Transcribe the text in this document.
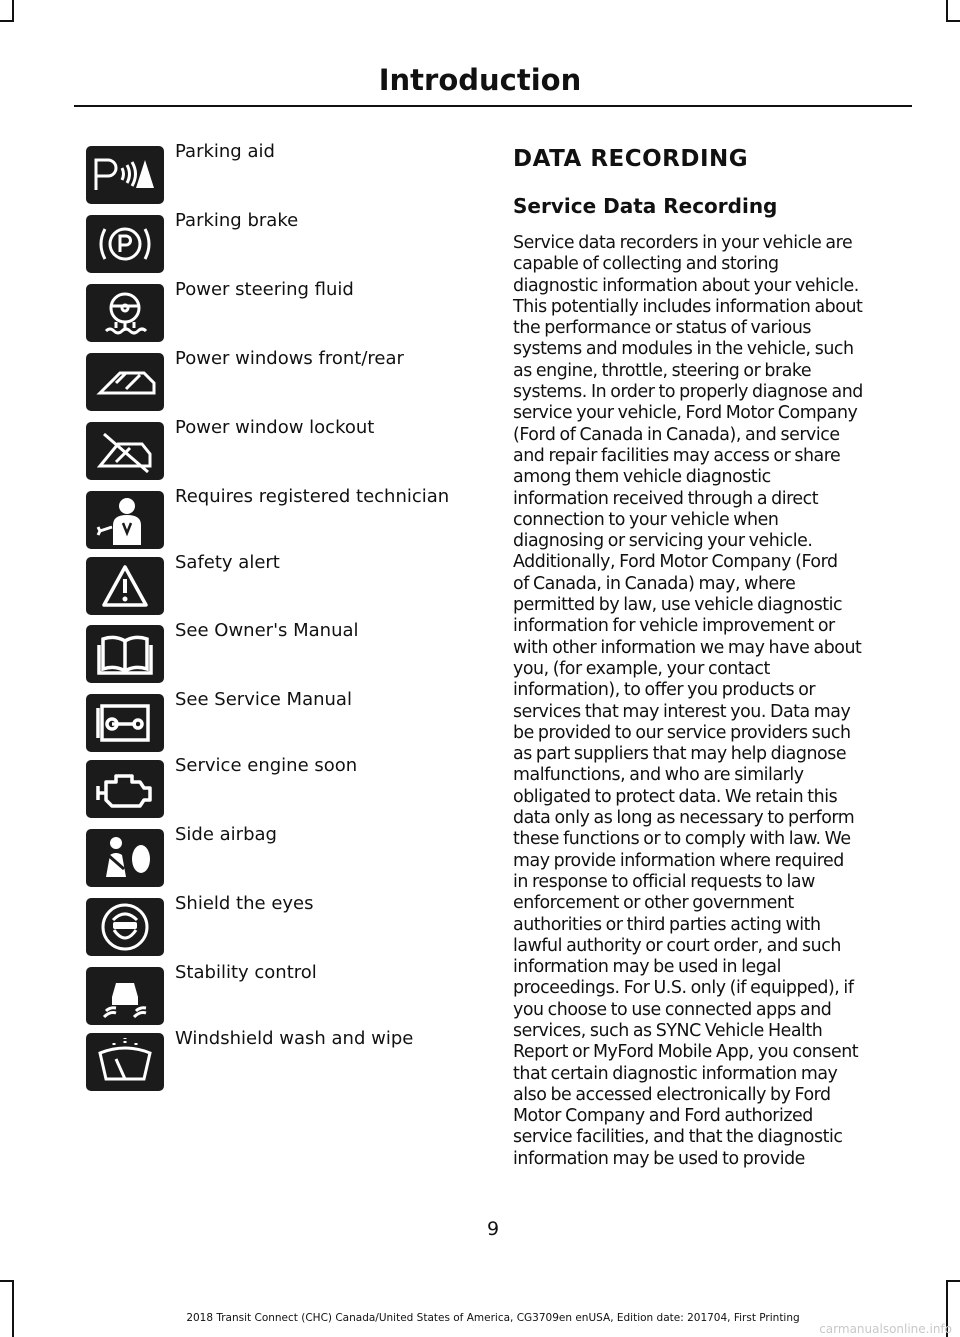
Introduction
Parking aid
Parking brake
Power steering fluid
Power windows front/rear
Power window lockout
Requires registered technician
Safety alert
See Owner's Manual
See Service Manual
Service engine soon
Side airbag
Shield the eyes
Stability control
Windshield wash and wipe
DATA RECORDING
Service Data Recording
Service data recorders in your vehicle are
capable of collecting and storing
diagnostic information about your vehicle.
This potentially includes information about
the performance or status of various
systems and modules in the vehicle, such
as engine, throttle, steering or brake
systems. In order to properly diagnose and
service your vehicle, Ford Motor Company
(Ford of Canada in Canada), and service
and repair facilities may access or share
among them vehicle diagnostic
information received through a direct
connection to your vehicle when
diagnosing or servicing your vehicle.
Additionally, Ford Motor Company (Ford
of Canada, in Canada) may, where
permitted by law, use vehicle diagnostic
information for vehicle improvement or
with other information we may have about
you, (for example, your contact
information), to offer you products or
services that may interest you. Data may
be provided to our service providers such
as part suppliers that may help diagnose
malfunctions, and who are similarly
obligated to protect data. We retain this
data only as long as necessary to perform
these functions or to comply with law. We
may provide information where required
in response to official requests to law
enforcement or other government
authorities or third parties acting with
lawful authority or court order, and such
information may be used in legal
proceedings. For U.S. only (if equipped), if
you choose to use connected apps and
services, such as SYNC Vehicle Health
Report or MyFord Mobile App, you consent
that certain diagnostic information may
also be accessed electronically by Ford
Motor Company and Ford authorized
service facilities, and that the diagnostic
information may be used to provide
9
2018 Transit Connect (CHC) Canada/United States of America, CG3709en enUSA, Edition date: 201704, First Printing
carmanualsonline.info
